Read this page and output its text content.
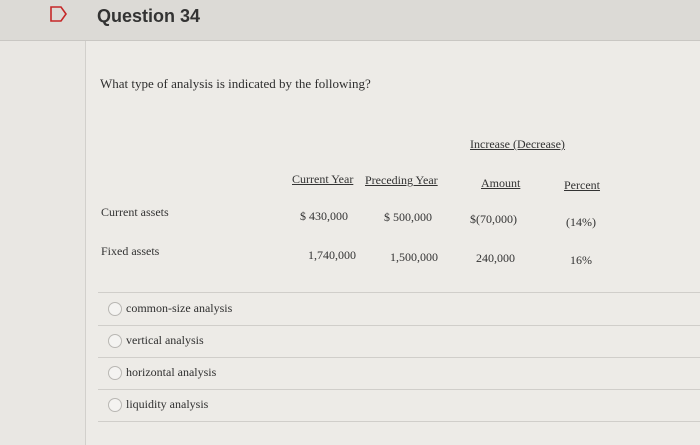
Question 34
What type of analysis is indicated by the following?
Increase (Decrease)
Current Year Preceding Year	Amount	Percent
Current assets	$ 430,000	$ 500,000	$(70,000)	(14%)
Fixed assets	1,740,000	1,500,000	240,000	16%
common-size analysis
vertical analysis
horizontal analysis
liquidity analysis
